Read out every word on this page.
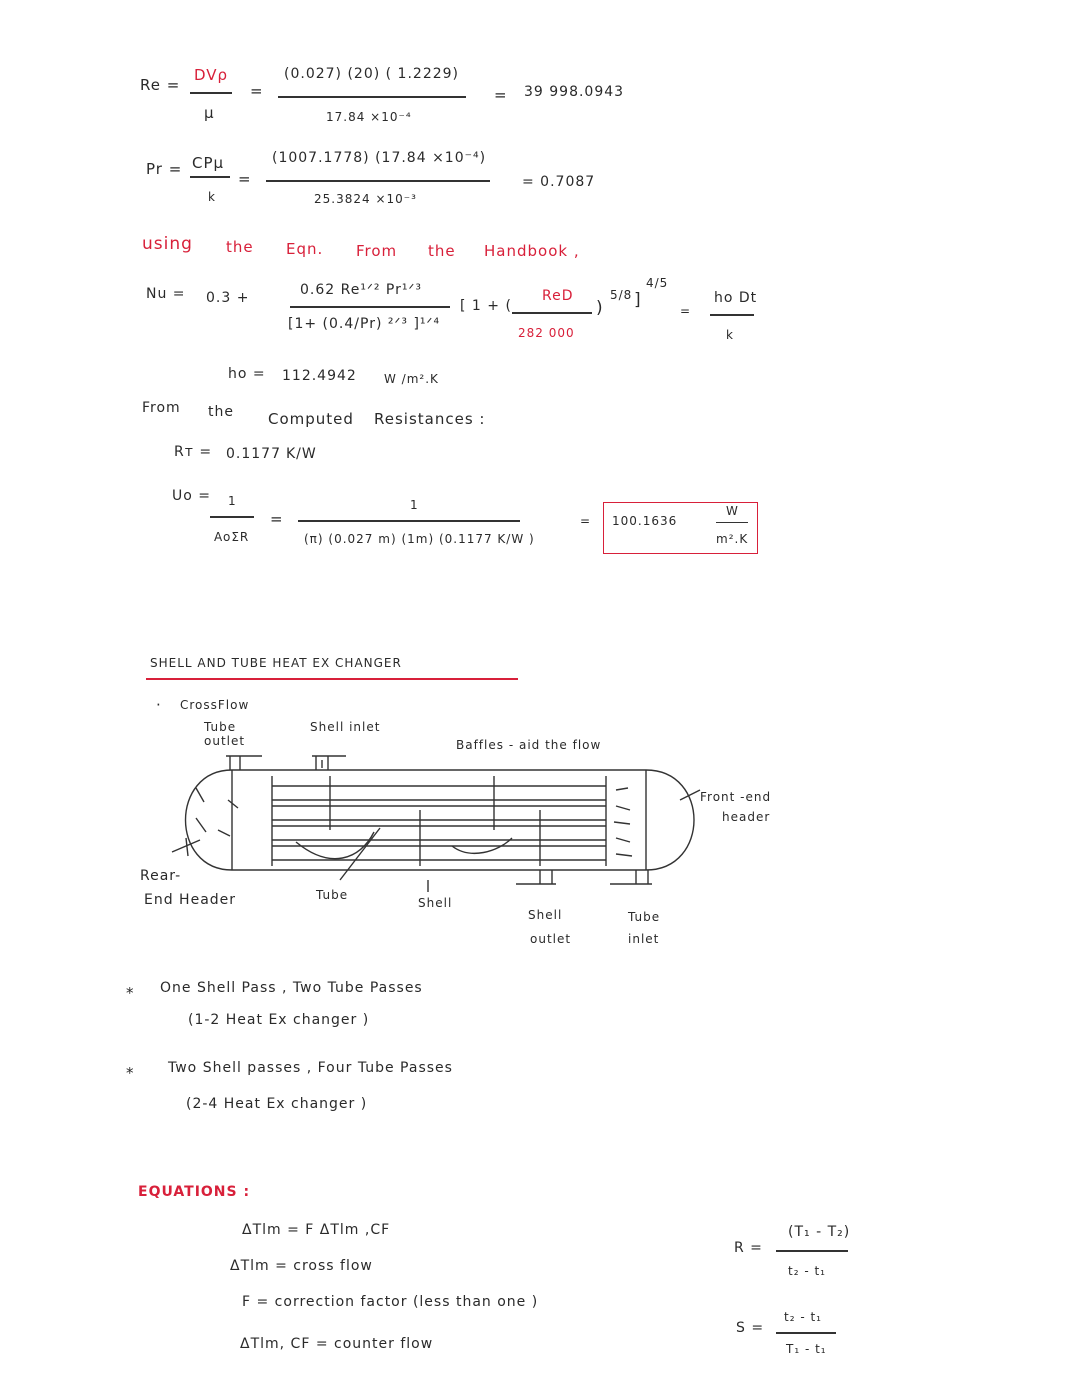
Re =
DVρ
μ
=
(0.027) (20) ( 1.2229)
17.84 ×10⁻⁴
= 39 998.0943
Pr = CPμ
k
=
(1007.1778) (17.84 ×10⁻⁴)
25.3824 ×10⁻³
= 0.7087
using the Eqn. From the Handbook ,
Nu = 0.3 +	0.62 Re¹ᐟ² Pr¹ᐟ³
[1+ (0.4/Pr) ²ᐟ³ ]¹ᐟ⁴
[ 1 + (
ReD
282 000
)
5/8 ]
4/5
=
ho Dt
k
ho = 112.4942 W /m².K
From the Computed Resistances :
Rт = 0.1177 K/W
Uo = 1
AoΣR
=
1
(π) (0.027 m) (1m) (0.1177 K/W )
= 100.1636
W
m².K
SHELL AND TUBE HEAT EX CHANGER
· CrossFlow
Tube
outlet
Shell inlet
Baffles - aid the flow
Front -end
header
Rear-
End Header	Tube
Shell
Shell
outlet
Tube
inlet
* One Shell Pass , Two Tube Passes
(1-2 Heat Ex changer )
* Two Shell passes , Four Tube Passes
(2-4 Heat Ex changer )
EQUATIONS :
ΔTlm = F ΔTlm ,CF
ΔTlm = cross flow
F = correction factor (less than one )
ΔTlm, CF = counter flow
R =
(T₁ - T₂)
t₂ - t₁
S =
t₂ - t₁
T₁ - t₁
